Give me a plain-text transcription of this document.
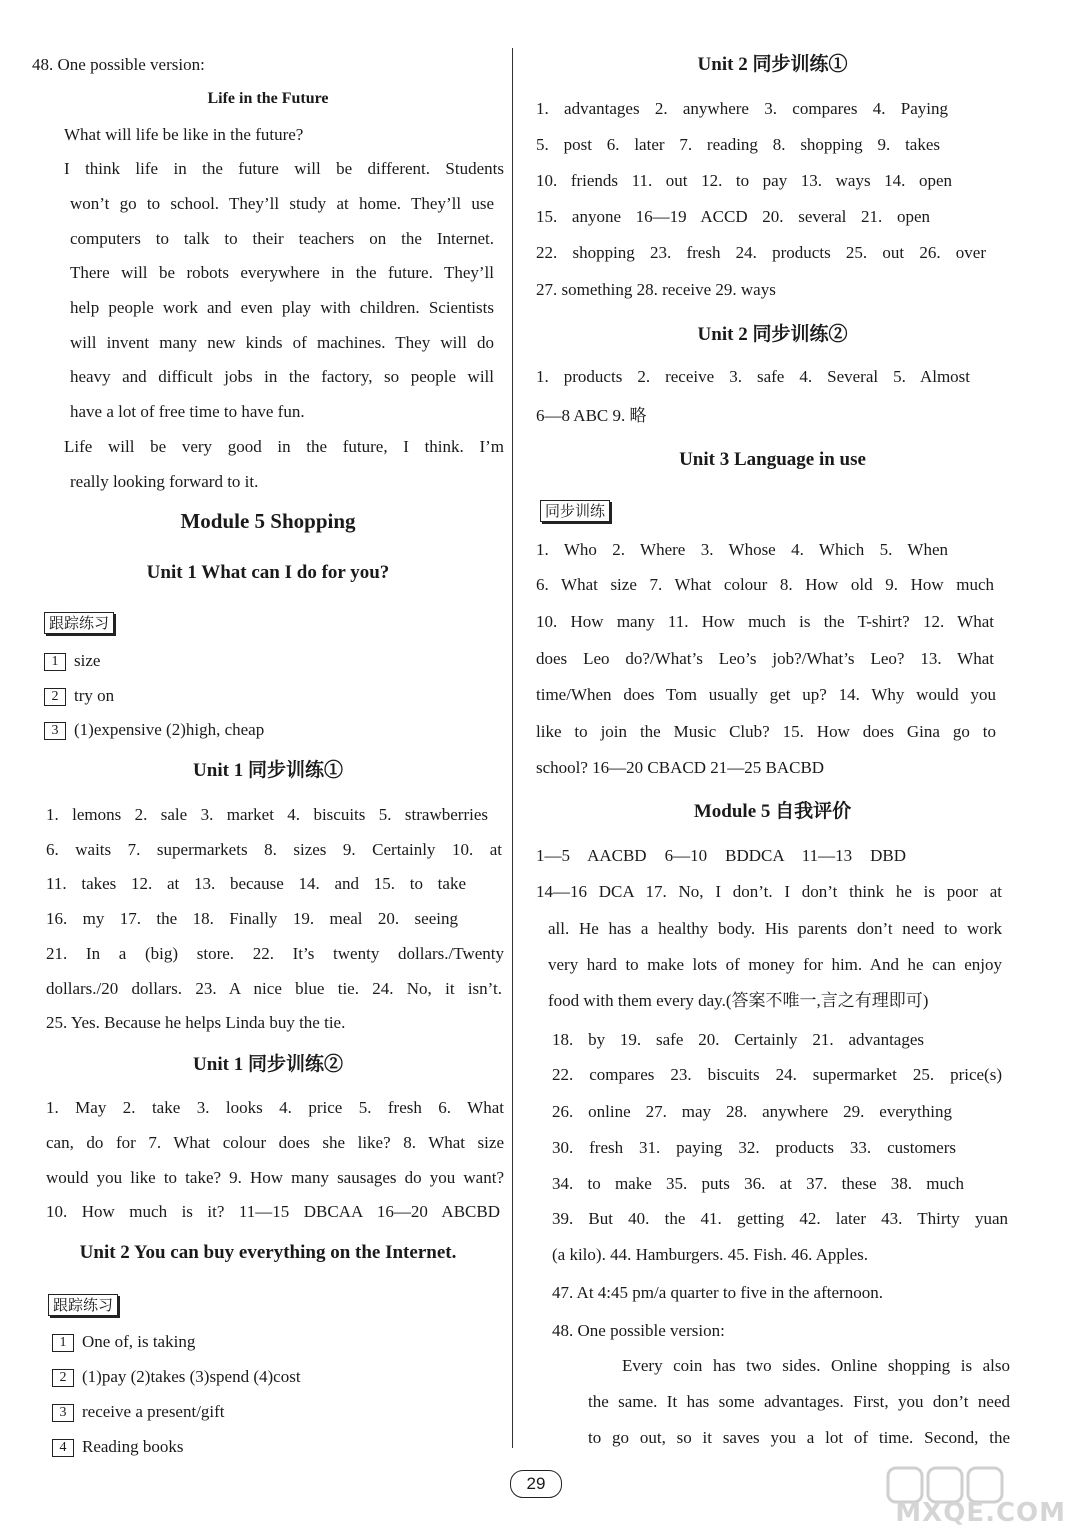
48. One possible version:
Life in the Future
What will life be like in the future?
I think life in the future will be different. Students
won’t go to school. They’ll study at home. They’ll use
computers to talk to their teachers on the Internet.
There will be robots everywhere in the future. They’ll
help people work and even play with children. Scientists
will invent many new kinds of machines. They will do
heavy and difficult jobs in the factory, so people will
have a lot of free time to have fun.
Life will be very good in the future, I think. I’m
really looking forward to it.
Module 5 Shopping
Unit 1 What can I do for you?
跟踪练习
1 size
2 try on
3 (1)expensive (2)high, cheap
Unit 1 同步训练①
1. lemons 2. sale 3. market 4. biscuits 5. strawberries
6. waits 7. supermarkets 8. sizes 9. Certainly 10. at
11. takes 12. at 13. because 14. and 15. to take
16. my 17. the 18. Finally 19. meal 20. seeing
21. In a (big) store. 22. It’s twenty dollars./Twenty
dollars./20 dollars. 23. A nice blue tie. 24. No, it isn’t.
25. Yes. Because he helps Linda buy the tie.
Unit 1 同步训练②
1. May 2. take 3. looks 4. price 5. fresh 6. What
can, do for 7. What colour does she like? 8. What size
would you like to take? 9. How many sausages do you want?
10. How much is it? 11—15 DBCAA 16—20 ABCBD
Unit 2 You can buy everything on the Internet.
跟踪练习
1 One of, is taking
2 (1)pay (2)takes (3)spend (4)cost
3 receive a present/gift
4 Reading books
Unit 2 同步训练①
1. advantages 2. anywhere 3. compares 4. Paying
5. post 6. later 7. reading 8. shopping 9. takes
10. friends 11. out 12. to pay 13. ways 14. open
15. anyone 16—19 ACCD 20. several 21. open
22. shopping 23. fresh 24. products 25. out 26. over
27. something 28. receive 29. ways
Unit 2 同步训练②
1. products 2. receive 3. safe 4. Several 5. Almost
6—8 ABC 9. 略
Unit 3 Language in use
同步训练
1. Who 2. Where 3. Whose 4. Which 5. When
6. What size 7. What colour 8. How old 9. How much
10. How many 11. How much is the T-shirt? 12. What
does Leo do?/What’s Leo’s job?/What’s Leo? 13. What
time/When does Tom usually get up? 14. Why would you
like to join the Music Club? 15. How does Gina go to
school? 16—20 CBACD 21—25 BACBD
Module 5 自我评价
1—5 AACBD 6—10 BDDCA 11—13 DBD
14—16 DCA 17. No, I don’t. I don’t think he is poor at
all. He has a healthy body. His parents don’t need to work
very hard to make lots of money for him. And he can enjoy
food with them every day.(答案不唯一,言之有理即可)
18. by 19. safe 20. Certainly 21. advantages
22. compares 23. biscuits 24. supermarket 25. price(s)
26. online 27. may 28. anywhere 29. everything
30. fresh 31. paying 32. products 33. customers
34. to make 35. puts 36. at 37. these 38. much
39. But 40. the 41. getting 42. later 43. Thirty yuan
(a kilo). 44. Hamburgers. 45. Fish. 46. Apples.
47. At 4:45 pm/a quarter to five in the afternoon.
48. One possible version:
Every coin has two sides. Online shopping is also
the same. It has some advantages. First, you don’t need
to go out, so it saves you a lot of time. Second, the
29
MXQE.COM
